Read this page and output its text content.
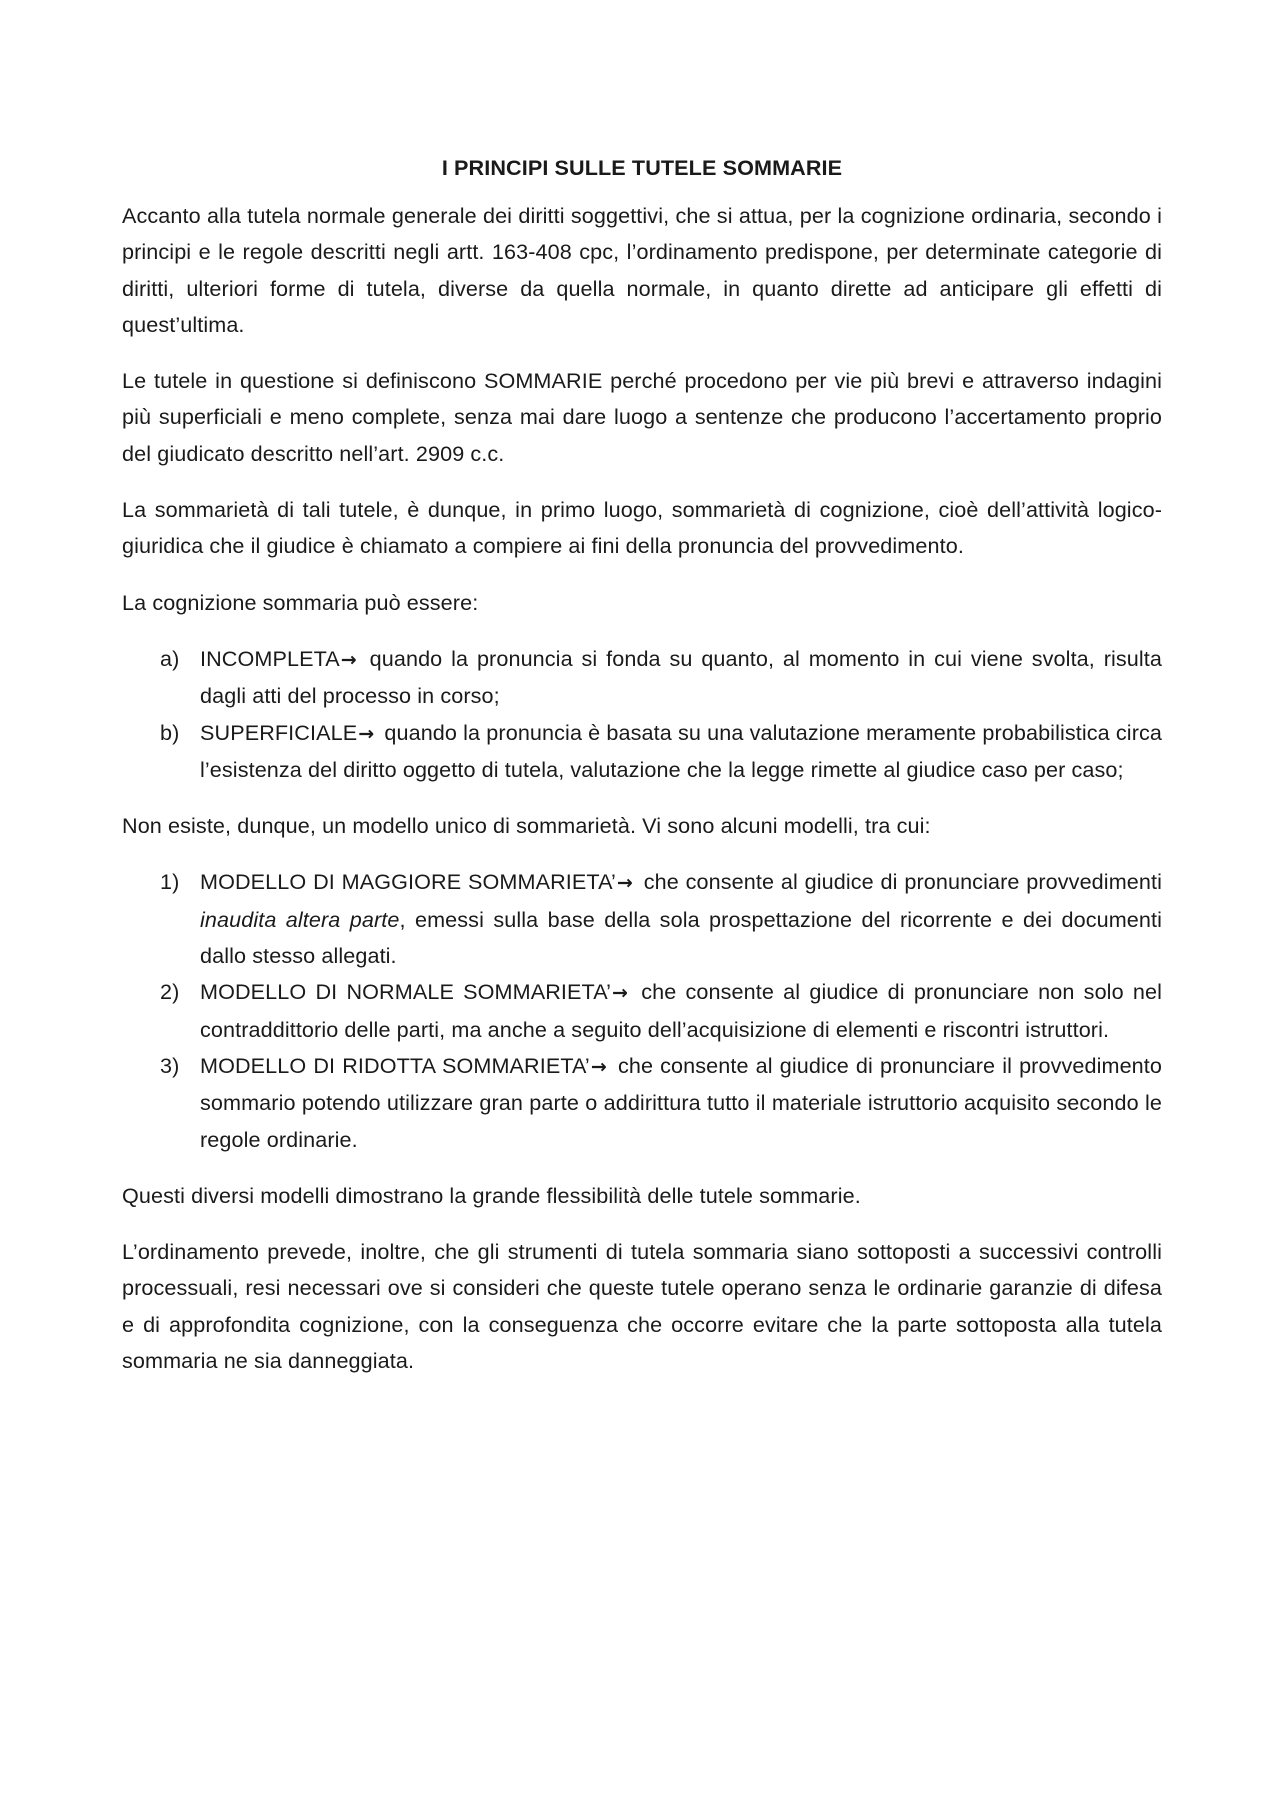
I PRINCIPI SULLE TUTELE SOMMARIE

Accanto alla tutela normale generale dei diritti soggettivi, che si attua, per la cognizione ordinaria, secondo i principi e le regole descritti negli artt. 163-408 cpc, l’ordinamento predispone, per determinate categorie di diritti, ulteriori forme di tutela, diverse da quella normale, in quanto dirette ad anticipare gli effetti di quest’ultima.

Le tutele in questione si definiscono SOMMARIE perché procedono per vie più brevi e attraverso indagini più superficiali e meno complete, senza mai dare luogo a sentenze che producono l’accertamento proprio del giudicato descritto nell’art. 2909 c.c.

La sommarietà di tali tutele, è dunque, in primo luogo, sommarietà di cognizione, cioè dell’attività logico-giuridica che il giudice è chiamato a compiere ai fini della pronuncia del provvedimento.

La cognizione sommaria può essere:

a) INCOMPLETA→ quando la pronuncia si fonda su quanto, al momento in cui viene svolta, risulta dagli atti del processo in corso;
b) SUPERFICIALE→ quando la pronuncia è basata su una valutazione meramente probabilistica circa l’esistenza del diritto oggetto di tutela, valutazione che la legge rimette al giudice caso per caso;

Non esiste, dunque, un modello unico di sommarietà. Vi sono alcuni modelli, tra cui:

1) MODELLO DI MAGGIORE SOMMARIETA’→ che consente al giudice di pronunciare provvedimenti inaudita altera parte, emessi sulla base della sola prospettazione del ricorrente e dei documenti dallo stesso allegati.
2) MODELLO DI NORMALE SOMMARIETA’→ che consente al giudice di pronunciare non solo nel contraddittorio delle parti, ma anche a seguito dell’acquisizione di elementi e riscontri istruttori.
3) MODELLO DI RIDOTTA SOMMARIETA’→ che consente al giudice di pronunciare il provvedimento sommario potendo utilizzare gran parte o addirittura tutto il materiale istruttorio acquisito secondo le regole ordinarie.

Questi diversi modelli dimostrano la grande flessibilità delle tutele sommarie.

L’ordinamento prevede, inoltre, che gli strumenti di tutela sommaria siano sottoposti a successivi controlli processuali, resi necessari ove si consideri che queste tutele operano senza le ordinarie garanzie di difesa e di approfondita cognizione, con la conseguenza che occorre evitare che la parte sottoposta alla tutela sommaria ne sia danneggiata.
